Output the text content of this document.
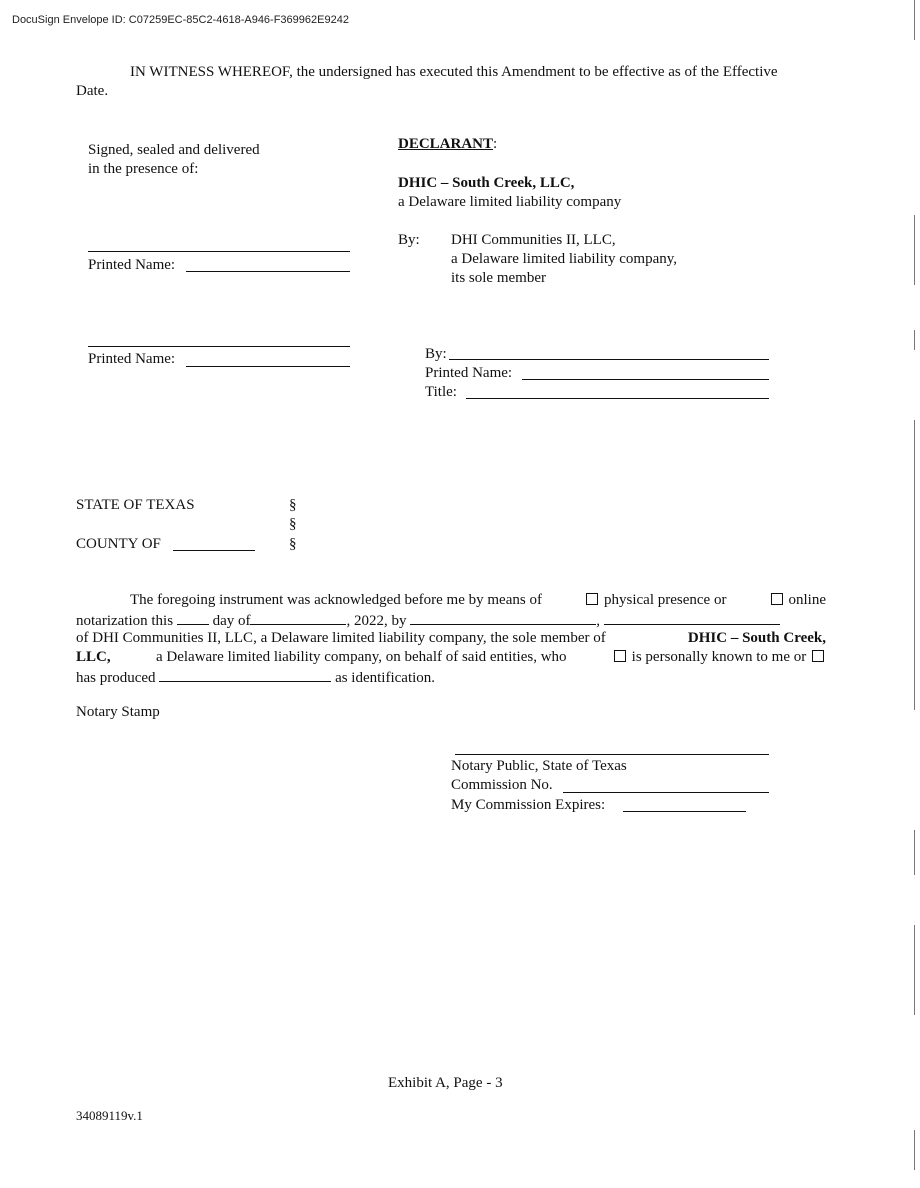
DocuSign Envelope ID: C07259EC-85C2-4618-A946-F369962E9242
IN WITNESS WHEREOF, the undersigned has executed this Amendment to be effective as of the Effective
Date.
Signed, sealed and delivered
in the presence of:
Printed Name:
Printed Name:
DECLARANT:
DHIC – South Creek, LLC,
a Delaware limited liability company
By: DHI Communities II, LLC,
a Delaware limited liability company,
its sole member
By:
Printed Name:
Title:
STATE OF TEXAS
COUNTY OF
§
§
§
The foregoing instrument was acknowledged before me by means of	physical presence or	online
notarization this	day of	, 2022, by	,
of DHI Communities II, LLC, a Delaware limited liability company, the sole member of	DHIC – South Creek,
LLC,	a Delaware limited liability company, on behalf of said entities, who	is personally known to me or
has produced	as identification.
Notary Stamp
Notary Public, State of Texas
Commission No.
My Commission Expires:
Exhibit A, Page - 3
34089119v.1
